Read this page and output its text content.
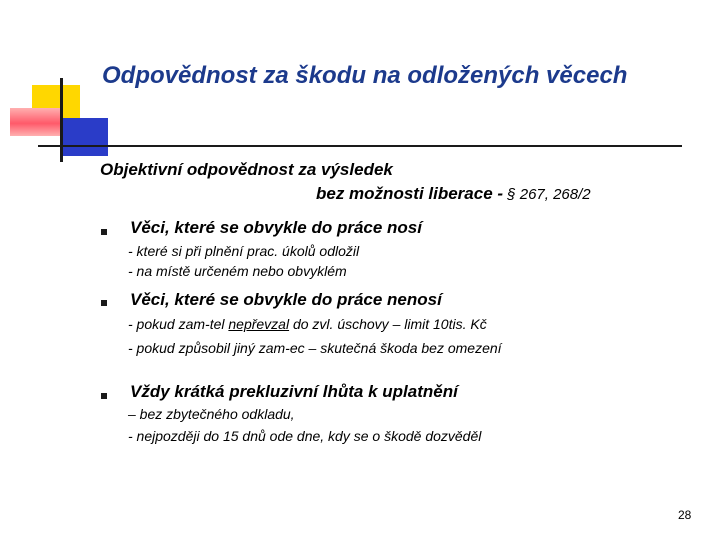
Odpovědnost za škodu na odložených věcech
Objektivní odpovědnost za výsledek
bez možnosti liberace - § 267, 268/2
Věci, které se obvykle do práce nosí
- které si při plnění prac. úkolů odložil
- na místě určeném nebo obvyklém
Věci, které se obvykle do práce nenosí
- pokud zam-tel nepřevzal do zvl. úschovy – limit 10tis. Kč
- pokud způsobil jiný zam-ec – skutečná škoda bez omezení
Vždy krátká prekluzivní lhůta k uplatnění
– bez zbytečného odkladu,
- nejpozději do 15 dnů ode dne, kdy se o škodě dozvěděl
28
